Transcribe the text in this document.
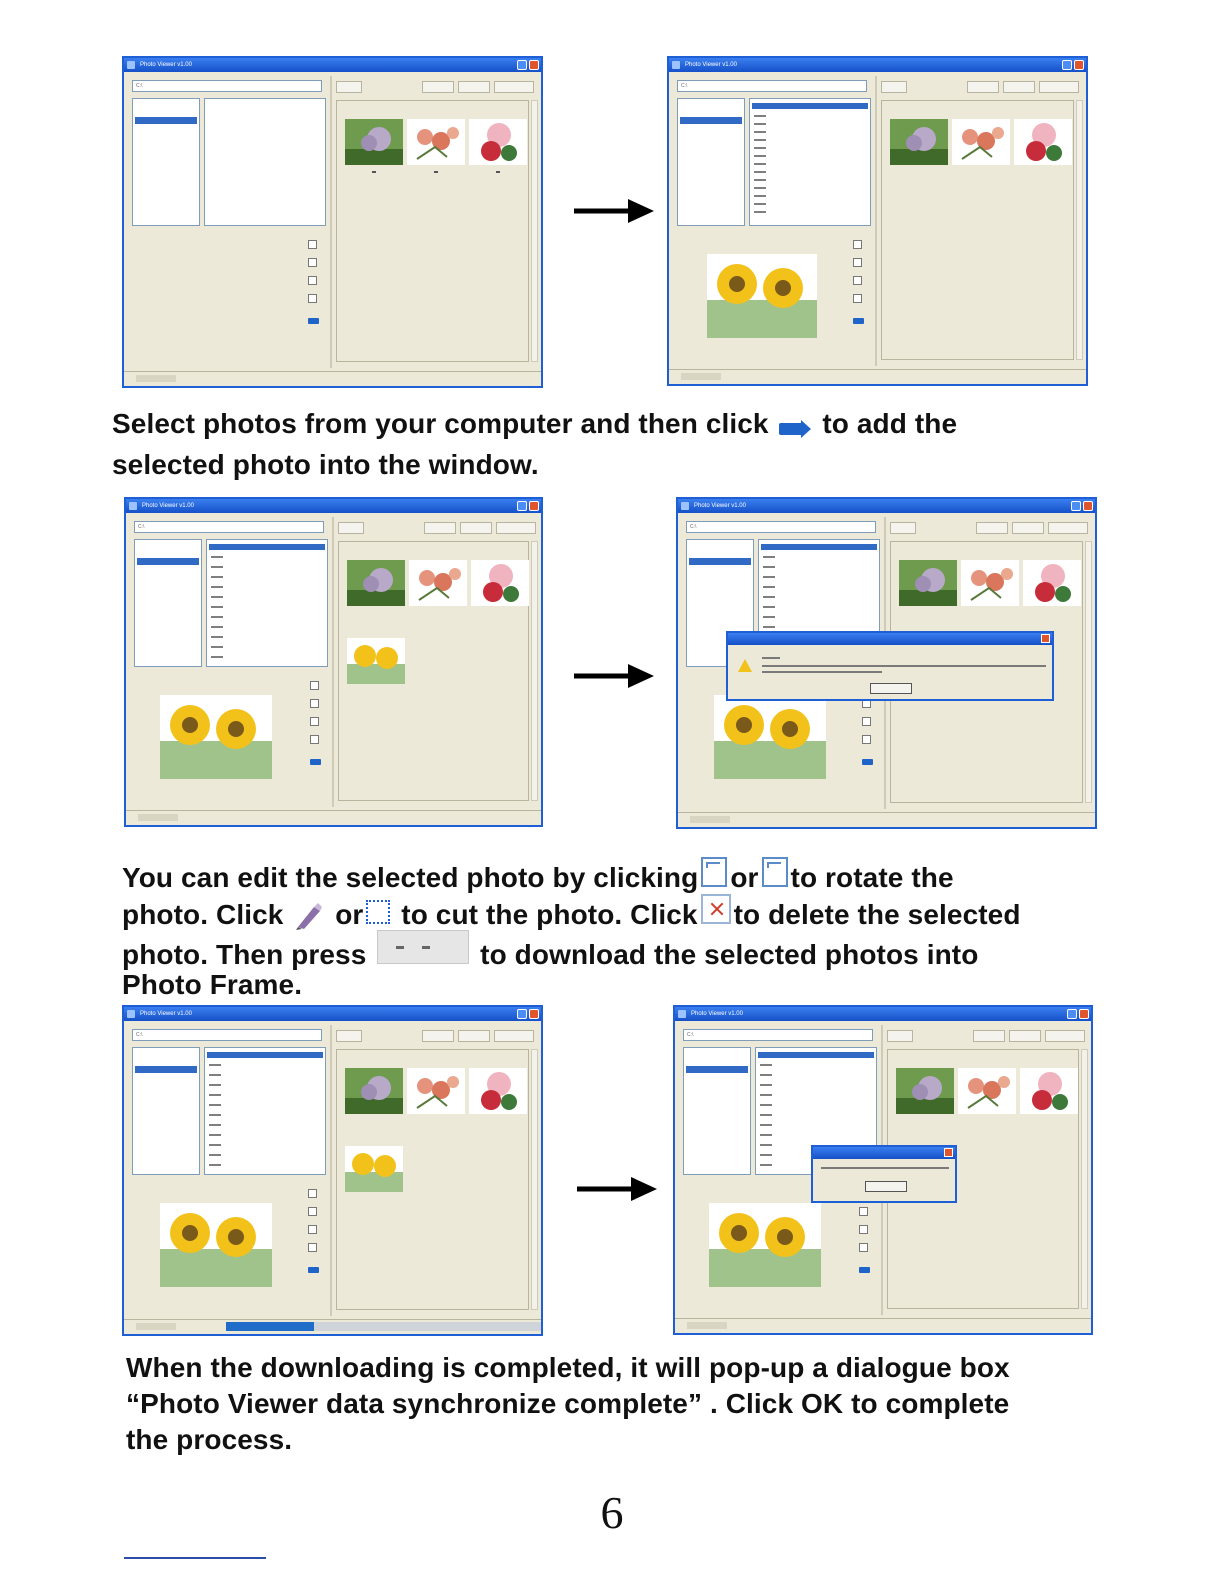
Photo Viewer v1.00
C:\
Photo Viewer v1.00
C:\
Select photos from your computer and then click to add the
selected photo into the window.
Photo Viewer v1.00
C:\
Photo Viewer v1.00
C:\
You can edit the selected photo by clicking or to rotate the
photo. Click or to cut the photo. Click to delete the selected
photo. Then press	to download the selected photos into
Photo Frame.
Photo Viewer v1.00
C:\
Photo Viewer v1.00
C:\
When the downloading is completed, it will pop-up a dialogue box
“Photo Viewer data synchronize complete” . Click OK to complete
the process.
6
